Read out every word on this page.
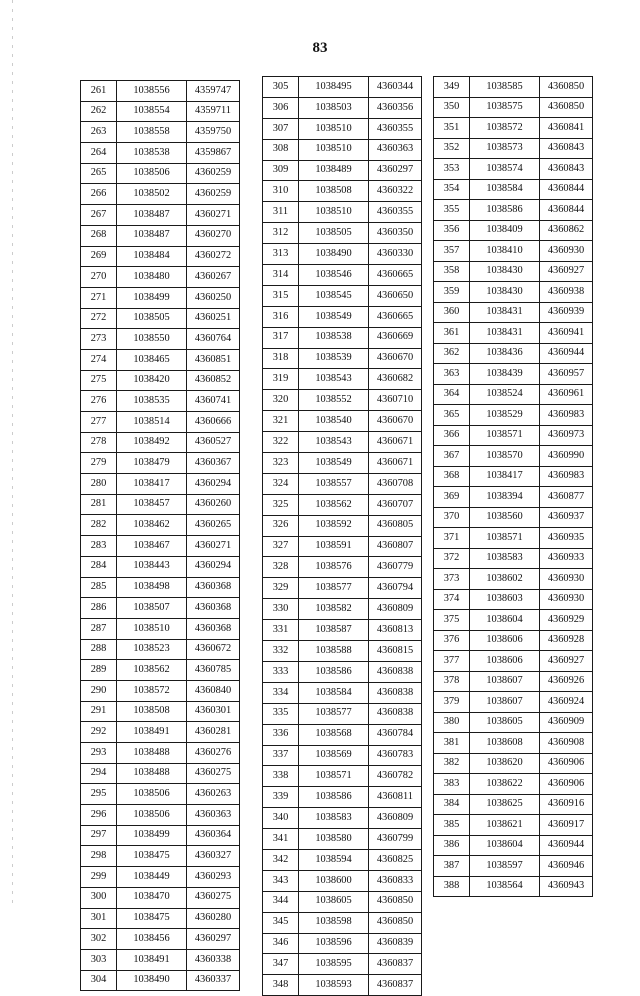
83
261	1038556	4359747
262	1038554	4359711
263	1038558	4359750
264	1038538	4359867
265	1038506	4360259
266	1038502	4360259
267	1038487	4360271
268	1038487	4360270
269	1038484	4360272
270	1038480	4360267
271	1038499	4360250
272	1038505	4360251
273	1038550	4360764
274	1038465	4360851
275	1038420	4360852
276	1038535	4360741
277	1038514	4360666
278	1038492	4360527
279	1038479	4360367
280	1038417	4360294
281	1038457	4360260
282	1038462	4360265
283	1038467	4360271
284	1038443	4360294
285	1038498	4360368
286	1038507	4360368
287	1038510	4360368
288	1038523	4360672
289	1038562	4360785
290	1038572	4360840
291	1038508	4360301
292	1038491	4360281
293	1038488	4360276
294	1038488	4360275
295	1038506	4360263
296	1038506	4360363
297	1038499	4360364
298	1038475	4360327
299	1038449	4360293
300	1038470	4360275
301	1038475	4360280
302	1038456	4360297
303	1038491	4360338
304	1038490	4360337
305	1038495	4360344
306	1038503	4360356
307	1038510	4360355
308	1038510	4360363
309	1038489	4360297
310	1038508	4360322
311	1038510	4360355
312	1038505	4360350
313	1038490	4360330
314	1038546	4360665
315	1038545	4360650
316	1038549	4360665
317	1038538	4360669
318	1038539	4360670
319	1038543	4360682
320	1038552	4360710
321	1038540	4360670
322	1038543	4360671
323	1038549	4360671
324	1038557	4360708
325	1038562	4360707
326	1038592	4360805
327	1038591	4360807
328	1038576	4360779
329	1038577	4360794
330	1038582	4360809
331	1038587	4360813
332	1038588	4360815
333	1038586	4360838
334	1038584	4360838
335	1038577	4360838
336	1038568	4360784
337	1038569	4360783
338	1038571	4360782
339	1038586	4360811
340	1038583	4360809
341	1038580	4360799
342	1038594	4360825
343	1038600	4360833
344	1038605	4360850
345	1038598	4360850
346	1038596	4360839
347	1038595	4360837
348	1038593	4360837
349	1038585	4360850
350	1038575	4360850
351	1038572	4360841
352	1038573	4360843
353	1038574	4360843
354	1038584	4360844
355	1038586	4360844
356	1038409	4360862
357	1038410	4360930
358	1038430	4360927
359	1038430	4360938
360	1038431	4360939
361	1038431	4360941
362	1038436	4360944
363	1038439	4360957
364	1038524	4360961
365	1038529	4360983
366	1038571	4360973
367	1038570	4360990
368	1038417	4360983
369	1038394	4360877
370	1038560	4360937
371	1038571	4360935
372	1038583	4360933
373	1038602	4360930
374	1038603	4360930
375	1038604	4360929
376	1038606	4360928
377	1038606	4360927
378	1038607	4360926
379	1038607	4360924
380	1038605	4360909
381	1038608	4360908
382	1038620	4360906
383	1038622	4360906
384	1038625	4360916
385	1038621	4360917
386	1038604	4360944
387	1038597	4360946
388	1038564	4360943
